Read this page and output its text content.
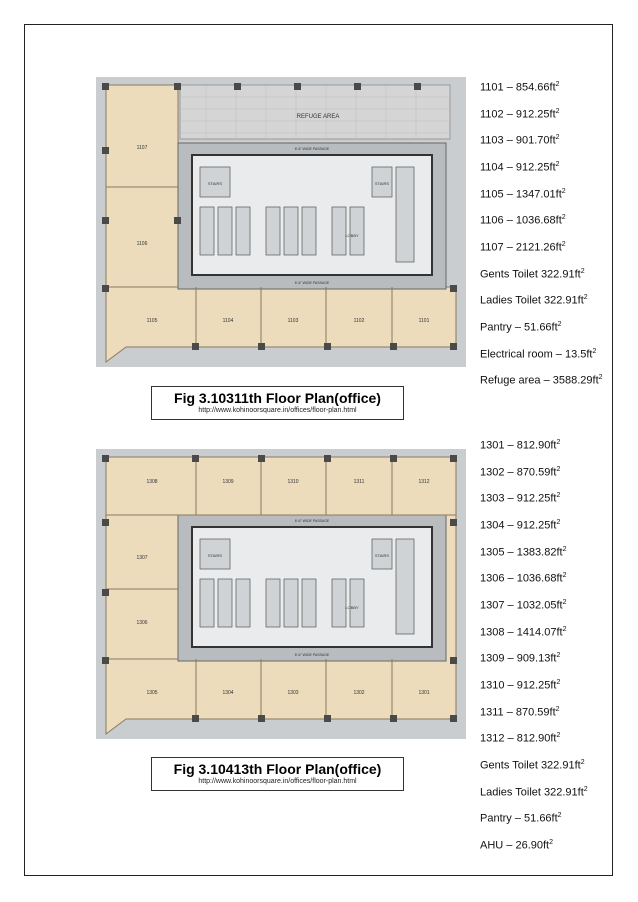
REFUGE AREA
STAIRS	STAIRS
LOBBY
6'-6" WIDE PASSAGE
6'-6" WIDE PASSAGE
1107
1106
1105	1104	1103	1102	1101
Fig 3.10311th Floor Plan(office)
http://www.kohinoorsquare.in/offices/floor-plan.html
STAIRS	STAIRS
LOBBY
6'-6" WIDE PASSAGE
6'-6" WIDE PASSAGE
1308	1309	1310	1311	1312
1307
1306
1305	1304	1303	1302	1301
Fig 3.10413th Floor Plan(office)
http://www.kohinoorsquare.in/offices/floor-plan.html
$1101 - 854.66ft^2$
$1102 - 912.25ft^2$
$1103 - 901.70ft^2$
$1104 - 912.25ft^2$
$1105 - 1347.01ft^2$
$1106 - 1036.68ft^2$
$1107 - 2121.26ft^2$
Gents Toilet $322.91ft^2$
Ladies Toilet $322.91ft^2$
Pantry – $51.66ft^2$
Electrical room – $13.5ft^2$
Refuge area – $3588.29ft^2$
$1301 - 812.90ft^2$
$1302 - 870.59ft^2$
$1303 - 912.25ft^2$
$1304 - 912.25ft^2$
$1305 - 1383.82ft^2$
$1306 - 1036.68ft^2$
$1307 - 1032.05ft^2$
$1308 - 1414.07ft^2$
$1309 - 909.13ft^2$
$1310 - 912.25ft^2$
$1311 - 870.59ft^2$
$1312 - 812.90ft^2$
Gents Toilet $322.91ft^2$
Ladies Toilet $322.91ft^2$
Pantry – $51.66ft^2$
AHU – $26.90ft^2$
